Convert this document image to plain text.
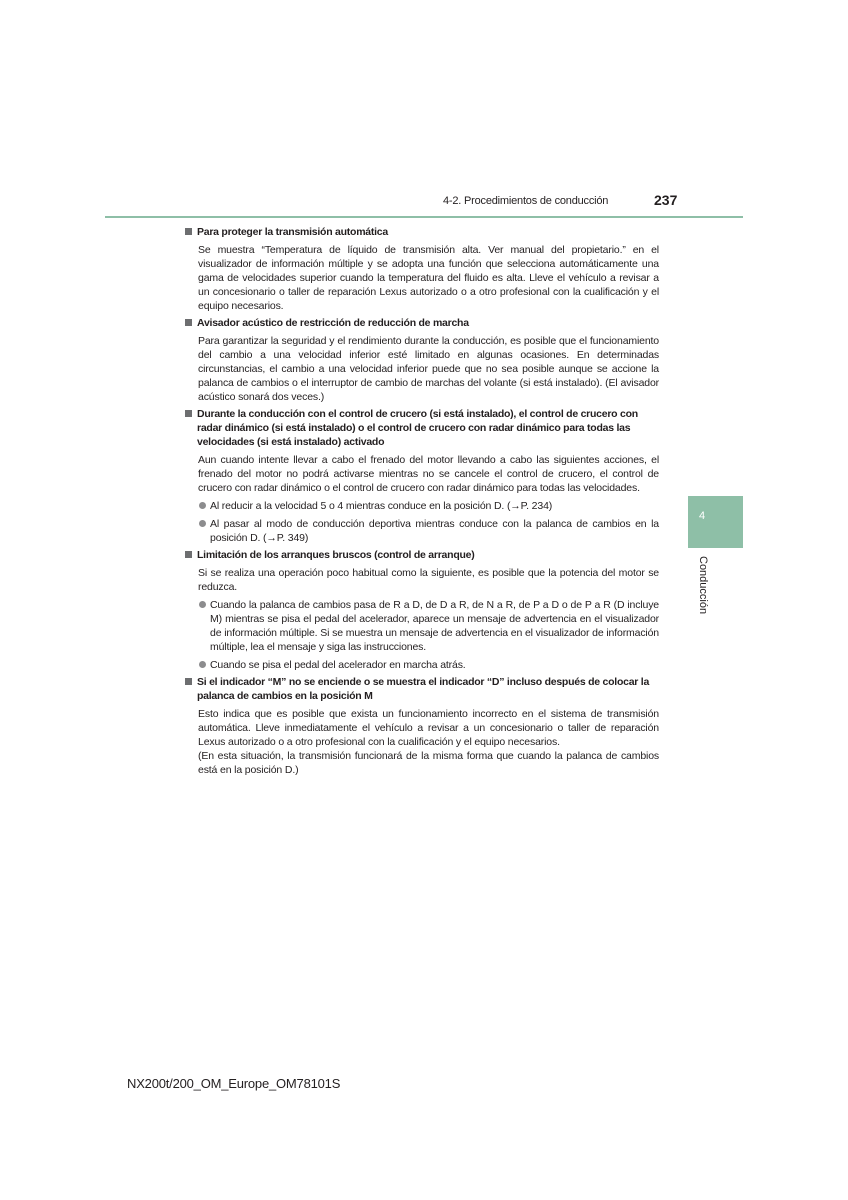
4-2. Procedimientos de conducción	237
4
Conducción
Para proteger la transmisión automática
Se muestra “Temperatura de líquido de transmisión alta. Ver manual del propietario.” en el visualizador de información múltiple y se adopta una función que selecciona automáticamente una gama de velocidades superior cuando la temperatura del fluido es alta. Lleve el vehículo a revisar a un concesionario o taller de reparación Lexus autorizado o a otro profesional con la cualificación y el equipo necesarios.
Avisador acústico de restricción de reducción de marcha
Para garantizar la seguridad y el rendimiento durante la conducción, es posible que el funcionamiento del cambio a una velocidad inferior esté limitado en algunas ocasiones. En determinadas circunstancias, el cambio a una velocidad inferior puede que no sea posible aunque se accione la palanca de cambios o el interruptor de cambio de marchas del volante (si está instalado). (El avisador acústico sonará dos veces.)
Durante la conducción con el control de crucero (si está instalado), el control de crucero con radar dinámico (si está instalado) o el control de crucero con radar dinámico para todas las velocidades (si está instalado) activado
Aun cuando intente llevar a cabo el frenado del motor llevando a cabo las siguientes acciones, el frenado del motor no podrá activarse mientras no se cancele el control de crucero, el control de crucero con radar dinámico o el control de crucero con radar dinámico para todas las velocidades.
Al reducir a la velocidad 5 o 4 mientras conduce en la posición D. (→P. 234)
Al pasar al modo de conducción deportiva mientras conduce con la palanca de cambios en la posición D. (→P. 349)
Limitación de los arranques bruscos (control de arranque)
Si se realiza una operación poco habitual como la siguiente, es posible que la potencia del motor se reduzca.
Cuando la palanca de cambios pasa de R a D, de D a R, de N a R, de P a D o de P a R (D incluye M) mientras se pisa el pedal del acelerador, aparece un mensaje de advertencia en el visualizador de información múltiple. Si se muestra un mensaje de advertencia en el visualizador de información múltiple, lea el mensaje y siga las instrucciones.
Cuando se pisa el pedal del acelerador en marcha atrás.
Si el indicador “M” no se enciende o se muestra el indicador “D” incluso después de colocar la palanca de cambios en la posición M
Esto indica que es posible que exista un funcionamiento incorrecto en el sistema de transmisión automática. Lleve inmediatamente el vehículo a revisar a un concesionario o taller de reparación Lexus autorizado o a otro profesional con la cualificación y el equipo necesarios.
(En esta situación, la transmisión funcionará de la misma forma que cuando la palanca de cambios está en la posición D.)
NX200t/200_OM_Europe_OM78101S
